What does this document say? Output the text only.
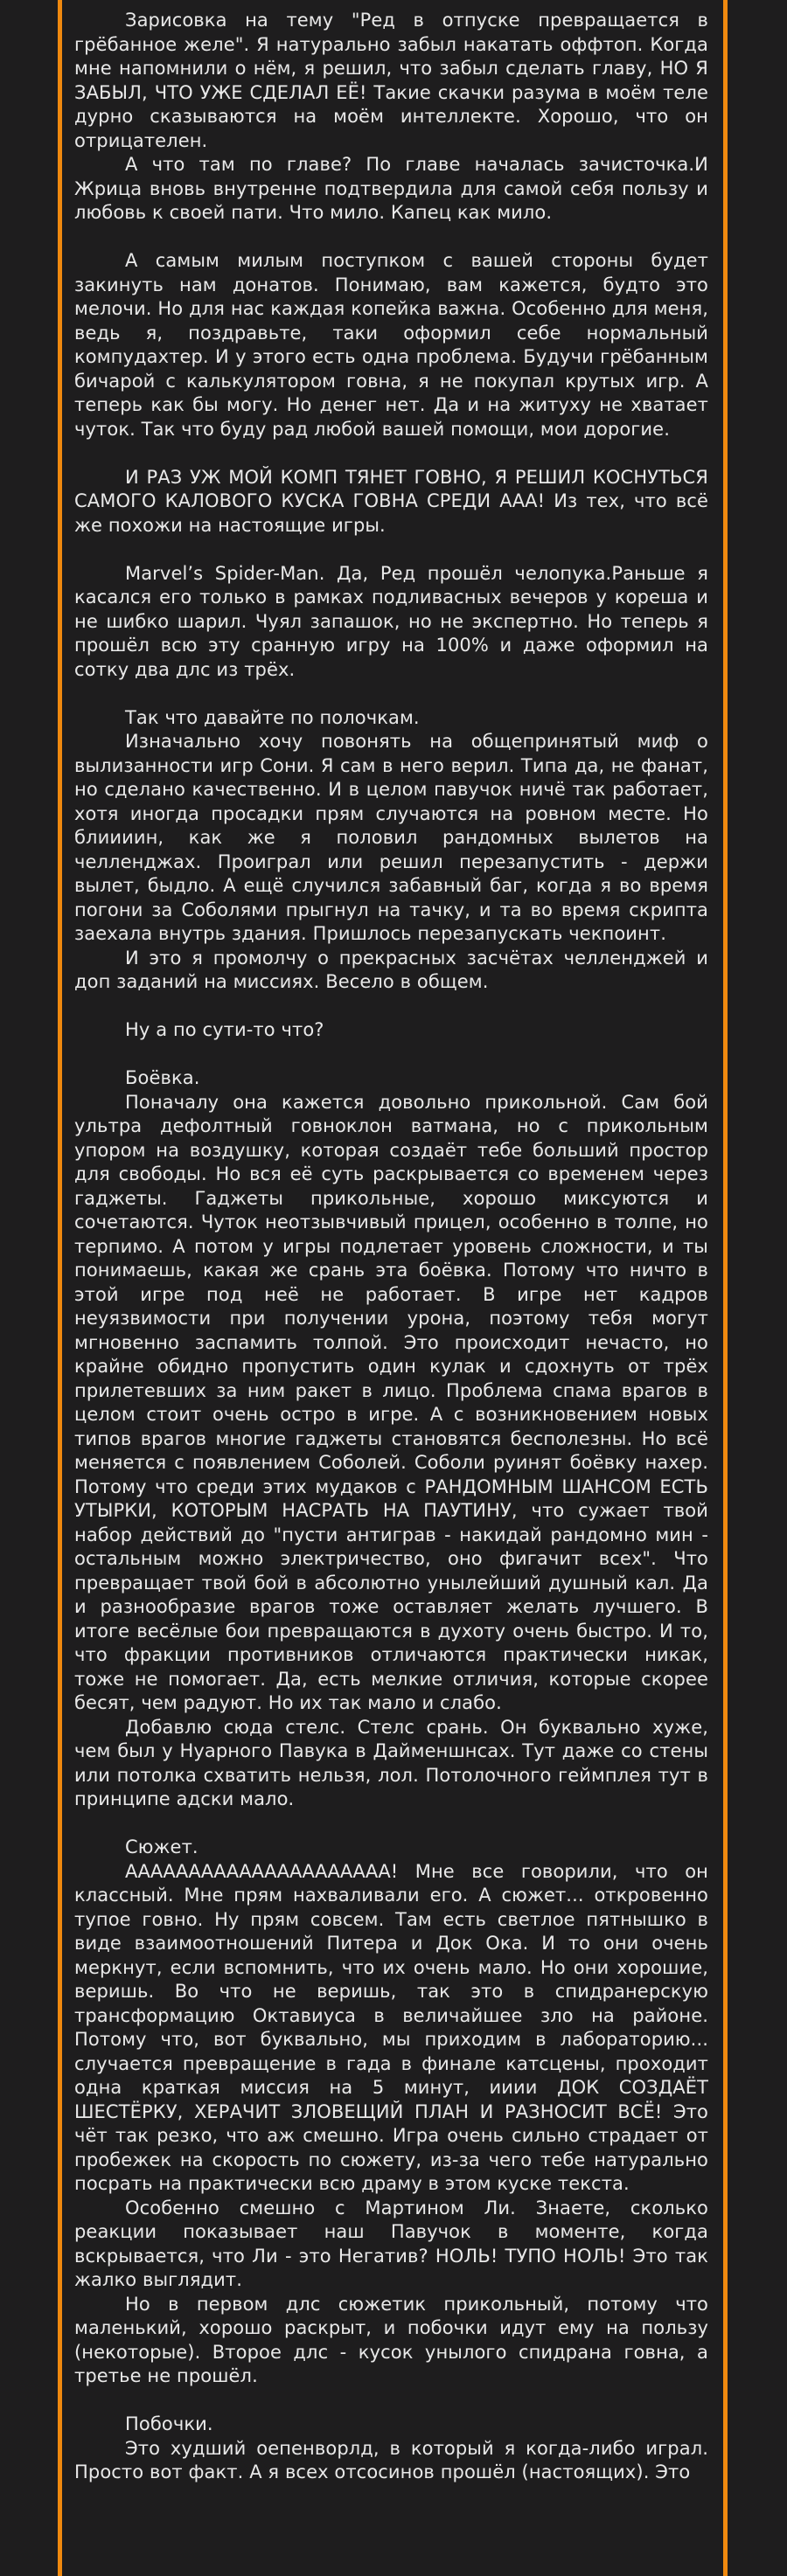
Зарисовка на тему "Ред в отпуске превращается в грёбанное желе". Я натурально забыл накатать оффтоп. Когда мне напомнили о нём, я решил, что забыл сделать главу, НО Я ЗАБЫЛ, ЧТО УЖЕ СДЕЛАЛ ЕЁ! Такие скачки разума в моём теле дурно сказываются на моём интеллекте. Хорошо, что он отрицателен.

А что там по главе? По главе началась зачисточка.И Жрица вновь внутренне подтвердила для самой себя пользу и любовь к своей пати. Что мило. Капец как мило.

А самым милым поступком с вашей стороны будет закинуть нам донатов. Понимаю, вам кажется, будто это мелочи. Но для нас каждая копейка важна. Особенно для меня, ведь я, поздравьте, таки оформил себе нормальный компудахтер. И у этого есть одна проблема. Будучи грёбанным бичарой с калькулятором говна, я не покупал крутых игр. А теперь как бы могу. Но денег нет. Да и на житуху не хватает чуток. Так что буду рад любой вашей помощи, мои дорогие.

И РАЗ УЖ МОЙ КОМП ТЯНЕТ ГОВНО, Я РЕШИЛ КОСНУТЬСЯ САМОГО КАЛОВОГО КУСКА ГОВНА СРЕДИ ААА! Из тех, что всё же похожи на настоящие игры.

Marvel’s Spider-Man. Да, Ред прошёл челопука.Раньше я касался его только в рамках подливасных вечеров у кореша и не шибко шарил. Чуял запашок, но не экспертно. Но теперь я прошёл всю эту сранную игру на 100% и даже оформил на сотку два длс из трёх.

Так что давайте по полочкам.

Изначально хочу повонять на общепринятый миф о вылизанности игр Сони. Я сам в него верил. Типа да, не фанат, но сделано качественно. И в целом павучок ничё так работает, хотя иногда просадки прям случаются на ровном месте. Но блиииин, как же я половил рандомных вылетов на челленджах. Проиграл или решил перезапустить - держи вылет, быдло. А ещё случился забавный баг, когда я во время погони за Соболями прыгнул на тачку, и та во время скрипта заехала внутрь здания. Пришлось перезапускать чекпоинт.

И это я промолчу о прекрасных засчётах челленджей и доп заданий на миссиях. Весело в общем.

Ну а по сути-то что?

Боёвка.

Поначалу она кажется довольно прикольной. Сам бой ультра дефолтный говноклон ватмана, но с прикольным упором на воздушку, которая создаёт тебе больший простор для свободы. Но вся её суть раскрывается со временем через гаджеты. Гаджеты прикольные, хорошо миксуются и сочетаются. Чуток неотзывчивый прицел, особенно в толпе, но терпимо. А потом у игры подлетает уровень сложности, и ты понимаешь, какая же срань эта боёвка. Потому что ничто в этой игре под неё не работает. В игре нет кадров неуязвимости при получении урона, поэтому тебя могут мгновенно заспамить толпой. Это происходит нечасто, но крайне обидно пропустить один кулак и сдохнуть от трёх прилетевших за ним ракет в лицо. Проблема спама врагов в целом стоит очень остро в игре. А с возникновением новых типов врагов многие гаджеты становятся бесполезны. Но всё меняется с появлением Соболей. Соболи руинят боёвку нахер. Потому что среди этих мудаков с РАНДОМНЫМ ШАНСОМ ЕСТЬ УТЫРКИ, КОТОРЫМ НАСРАТЬ НА ПАУТИНУ, что сужает твой набор действий до "пусти антиграв - накидай рандомно мин - остальным можно электричество, оно фигачит всех". Что превращает твой бой в абсолютно унылейший душный кал. Да и разнообразие врагов тоже оставляет желать лучшего. В итоге весёлые бои превращаются в духоту очень быстро. И то, что фракции противников отличаются практически никак, тоже не помогает. Да, есть мелкие отличия, которые скорее бесят, чем радуют. Но их так мало и слабо.

Добавлю сюда стелс. Стелс срань. Он буквально хуже, чем был у Нуарного Павука в Дайменшнсах. Тут даже со стены или потолка схватить нельзя, лол. Потолочного геймплея тут в принципе адски мало.

Сюжет.

ААААААААААААААААААААА! Мне все говорили, что он классный. Мне прям нахваливали его. А сюжет... откровенно тупое говно. Ну прям совсем. Там есть светлое пятнышко в виде взаимоотношений Питера и Док Ока. И то они очень меркнут, если вспомнить, что их очень мало. Но они хорошие, веришь. Во что не веришь, так это в спидранерскую трансформацию Октавиуса в величайшее зло на районе. Потому что, вот буквально, мы приходим в лабораторию... случается превращение в гада в финале катсцены, проходит одна краткая миссия на 5 минут, ииии ДОК СОЗДАЁТ ШЕСТЁРКУ, ХЕРАЧИТ ЗЛОВЕЩИЙ ПЛАН И РАЗНОСИТ ВСЁ! Это чёт так резко, что аж смешно. Игра очень сильно страдает от пробежек на скорость по сюжету, из-за чего тебе натурально посрать на практически всю драму в этом куске текста.

Особенно смешно с Мартином Ли. Знаете, сколько реакции показывает наш Павучок в моменте, когда вскрывается, что Ли - это Негатив? НОЛЬ! ТУПО НОЛЬ! Это так жалко выглядит.

Но в первом длс сюжетик прикольный, потому что маленький, хорошо раскрыт, и побочки идут ему на пользу (некоторые). Второе длс - кусок унылого спидрана говна, а третье не прошёл.

Побочки.

Это худший оепенворлд, в который я когда-либо играл. Просто вот факт. А я всех отсосинов прошёл (настоящих). Это
